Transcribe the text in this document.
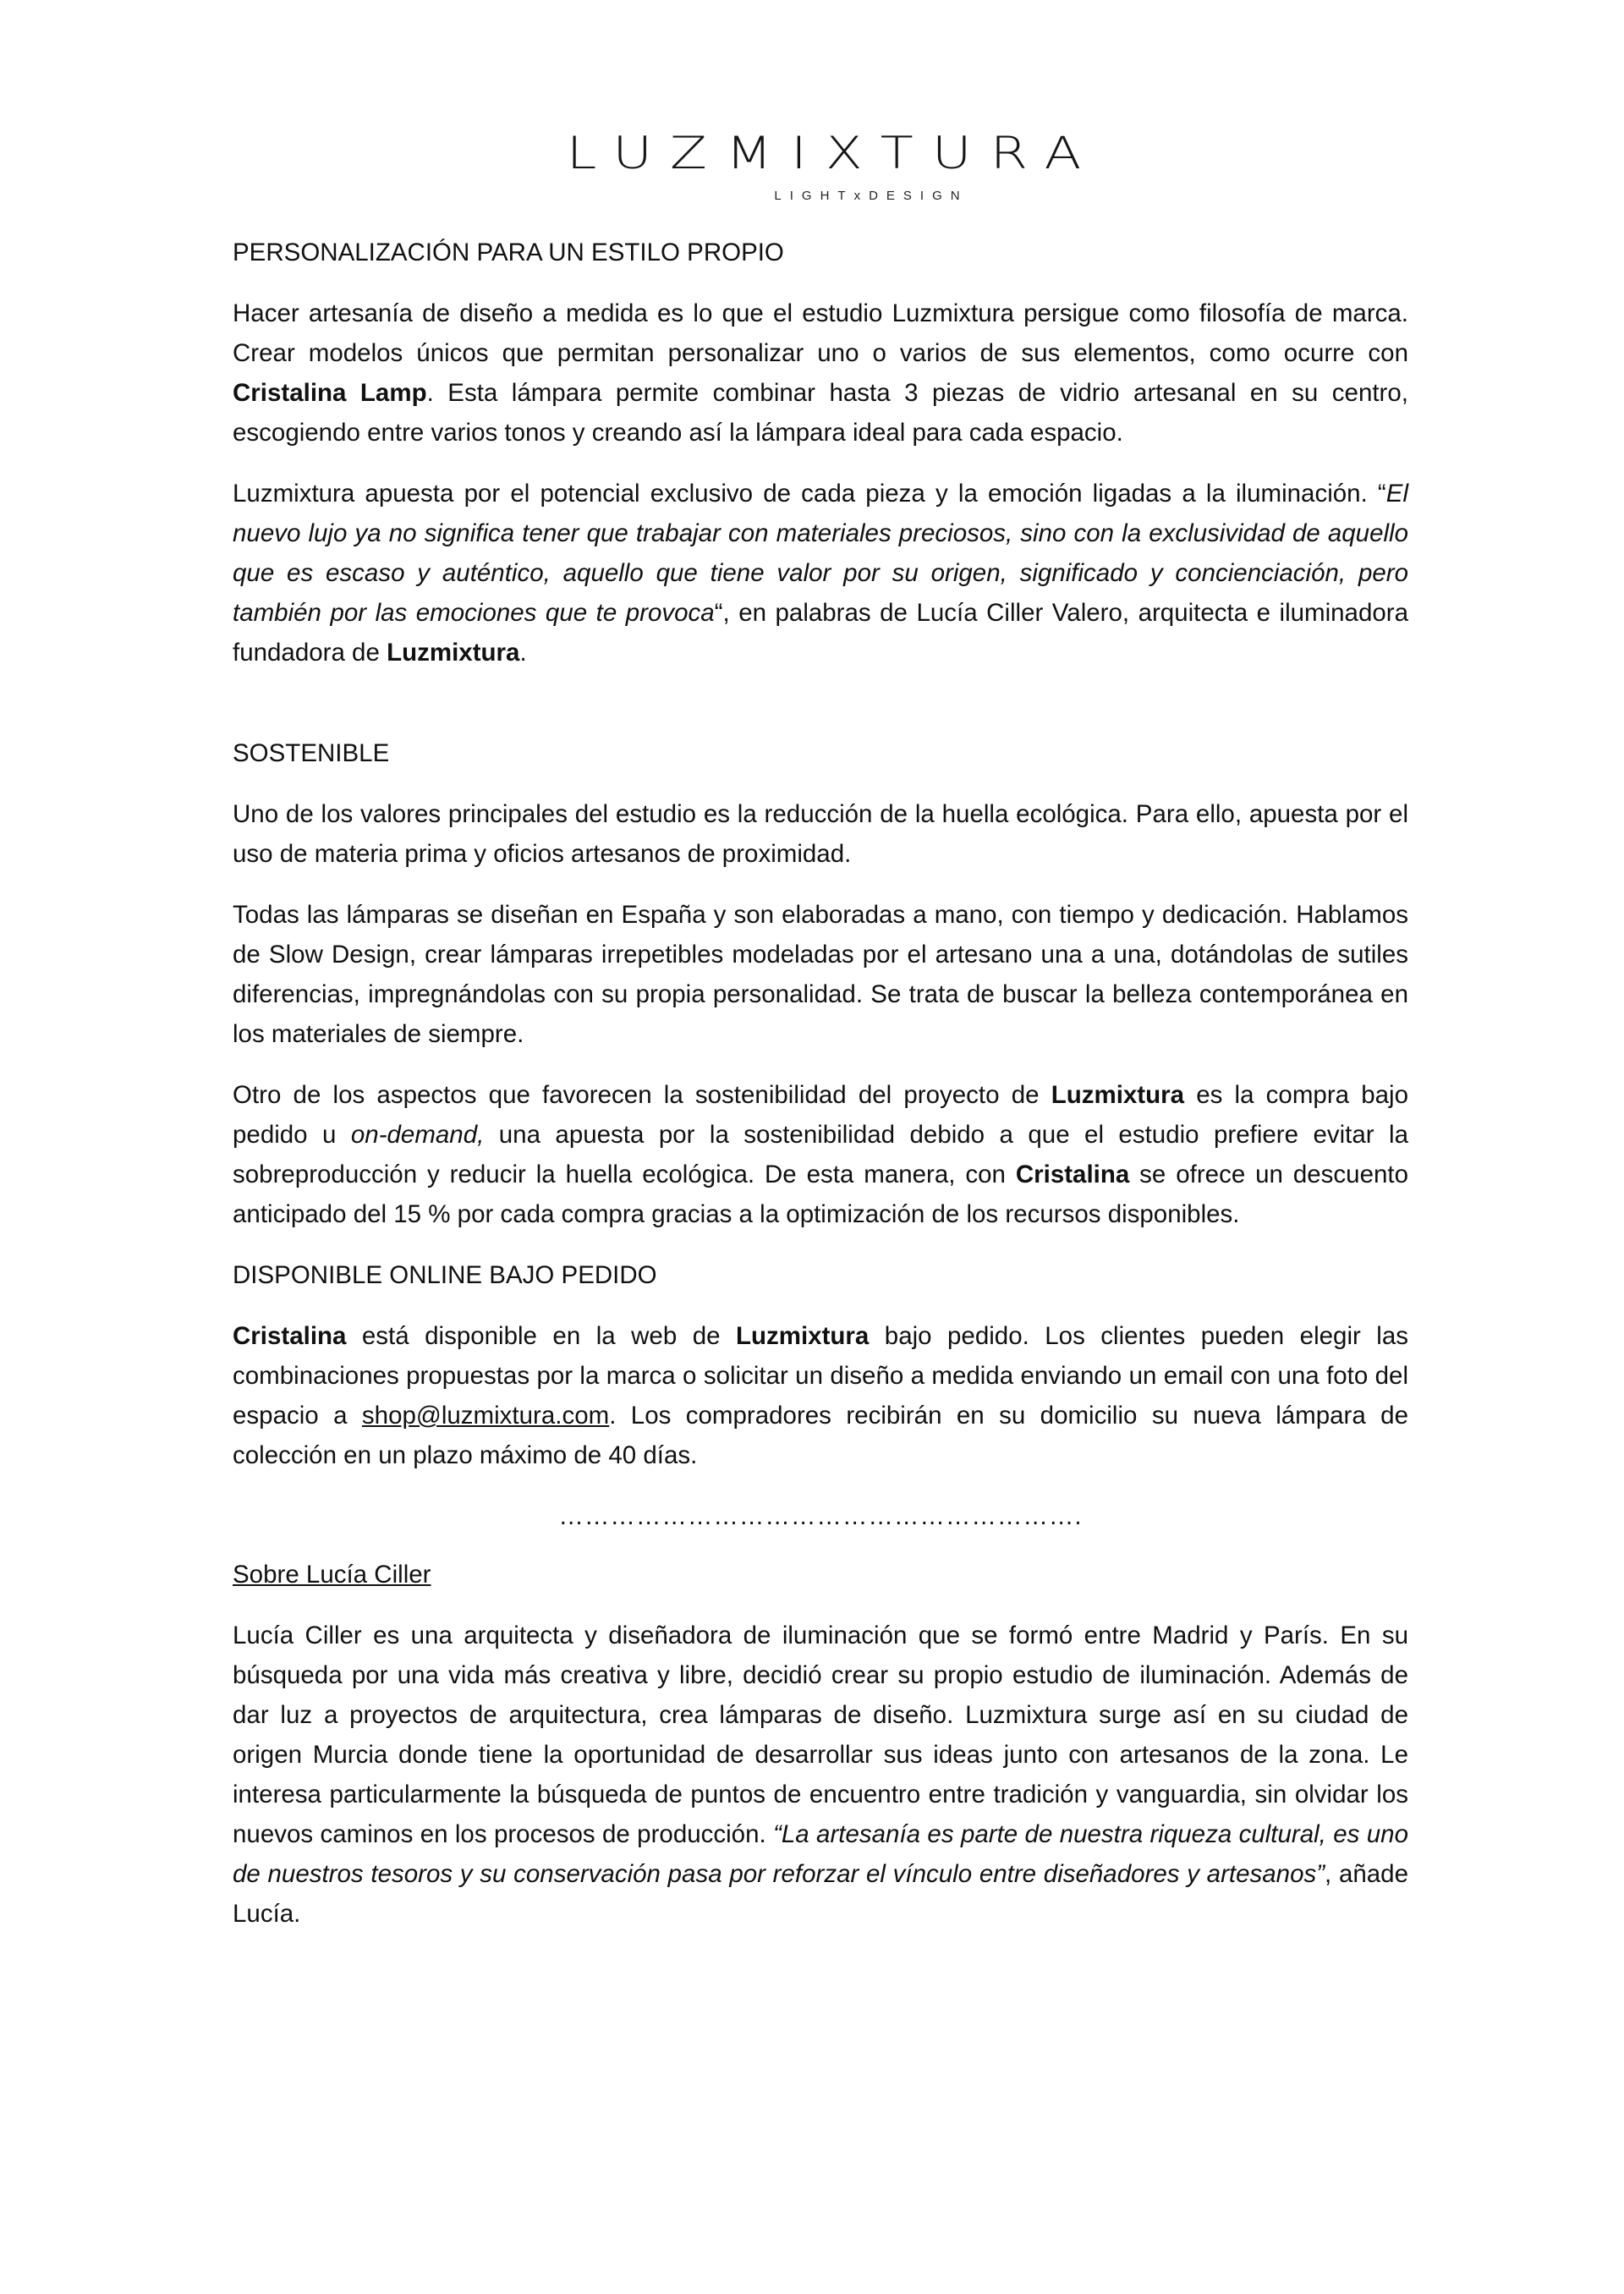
LUZMIXTURA
LIGHTxDESIGN
PERSONALIZACIÓN PARA UN ESTILO PROPIO

Hacer artesanía de diseño a medida es lo que el estudio Luzmixtura persigue como filosofía de marca. Crear modelos únicos que permitan personalizar uno o varios de sus elementos, como ocurre con Cristalina Lamp. Esta lámpara permite combinar hasta 3 piezas de vidrio artesanal en su centro, escogiendo entre varios tonos y creando así la lámpara ideal para cada espacio.

Luzmixtura apuesta por el potencial exclusivo de cada pieza y la emoción ligadas a la iluminación. “El nuevo lujo ya no significa tener que trabajar con materiales preciosos, sino con la exclusividad de aquello que es escaso y auténtico, aquello que tiene valor por su origen, significado y concienciación, pero también por las emociones que te provoca“, en palabras de Lucía Ciller Valero, arquitecta e iluminadora fundadora de Luzmixtura.

SOSTENIBLE

Uno de los valores principales del estudio es la reducción de la huella ecológica. Para ello, apuesta por el uso de materia prima y oficios artesanos de proximidad.

Todas las lámparas se diseñan en España y son elaboradas a mano, con tiempo y dedicación. Hablamos de Slow Design, crear lámparas irrepetibles modeladas por el artesano una a una, dotándolas de sutiles diferencias, impregnándolas con su propia personalidad. Se trata de buscar la belleza contemporánea en los materiales de siempre.

Otro de los aspectos que favorecen la sostenibilidad del proyecto de Luzmixtura es la compra bajo pedido u on-demand, una apuesta por la sostenibilidad debido a que el estudio prefiere evitar la sobreproducción y reducir la huella ecológica. De esta manera, con Cristalina se ofrece un descuento anticipado del 15 % por cada compra gracias a la optimización de los recursos disponibles.

DISPONIBLE ONLINE BAJO PEDIDO

Cristalina está disponible en la web de Luzmixtura bajo pedido. Los clientes pueden elegir las combinaciones propuestas por la marca o solicitar un diseño a medida enviando un email con una foto del espacio a shop@luzmixtura.com. Los compradores recibirán en su domicilio su nueva lámpara de colección en un plazo máximo de 40 días.

…………………………………………………….
Sobre Lucía Ciller

Lucía Ciller es una arquitecta y diseñadora de iluminación que se formó entre Madrid y París. En su búsqueda por una vida más creativa y libre, decidió crear su propio estudio de iluminación. Además de dar luz a proyectos de arquitectura, crea lámparas de diseño. Luzmixtura surge así en su ciudad de origen Murcia donde tiene la oportunidad de desarrollar sus ideas junto con artesanos de la zona. Le interesa particularmente la búsqueda de puntos de encuentro entre tradición y vanguardia, sin olvidar los nuevos caminos en los procesos de producción. “La artesanía es parte de nuestra riqueza cultural, es uno de nuestros tesoros y su conservación pasa por reforzar el vínculo entre diseñadores y artesanos”, añade Lucía.
